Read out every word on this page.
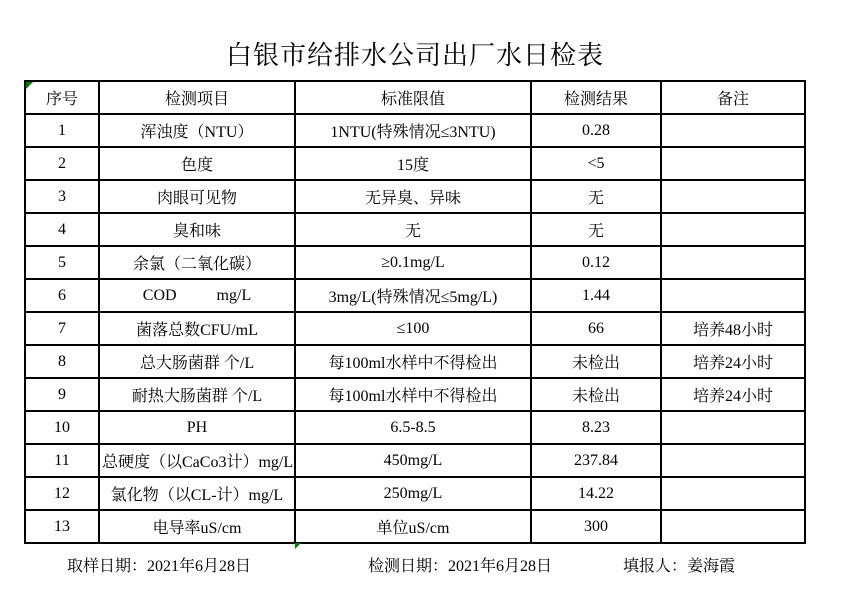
白银市给排水公司出厂水日检表
序号	检测项目	标准限值	检测结果	备注
1	浑浊度（NTU）	1NTU(特殊情况≤3NTU)	0.28	
2	色度	15度	<5	
3	肉眼可见物	无异臭、异味	无	
4	臭和味	无	无	
5	余氯（二氧化碳）	≥0.1mg/L	0.12	
6	COD          mg/L	3mg/L(特殊情况≤5mg/L)	1.44	
7	菌落总数CFU/mL	≤100	66	培养48小时
8	总大肠菌群 个/L	每100ml水样中不得检出	未检出	培养24小时
9	耐热大肠菌群 个/L	每100ml水样中不得检出	未检出	培养24小时
10	PH	6.5-8.5	8.23	
11	总硬度（以CaCo3计）mg/L	450mg/L	237.84	
12	氯化物（以CL-计）mg/L	250mg/L	14.22	
13	电导率uS/cm	单位uS/cm	300	
取样日期：2021年6月28日	检测日期：2021年6月28日	填报人：姜海霞
